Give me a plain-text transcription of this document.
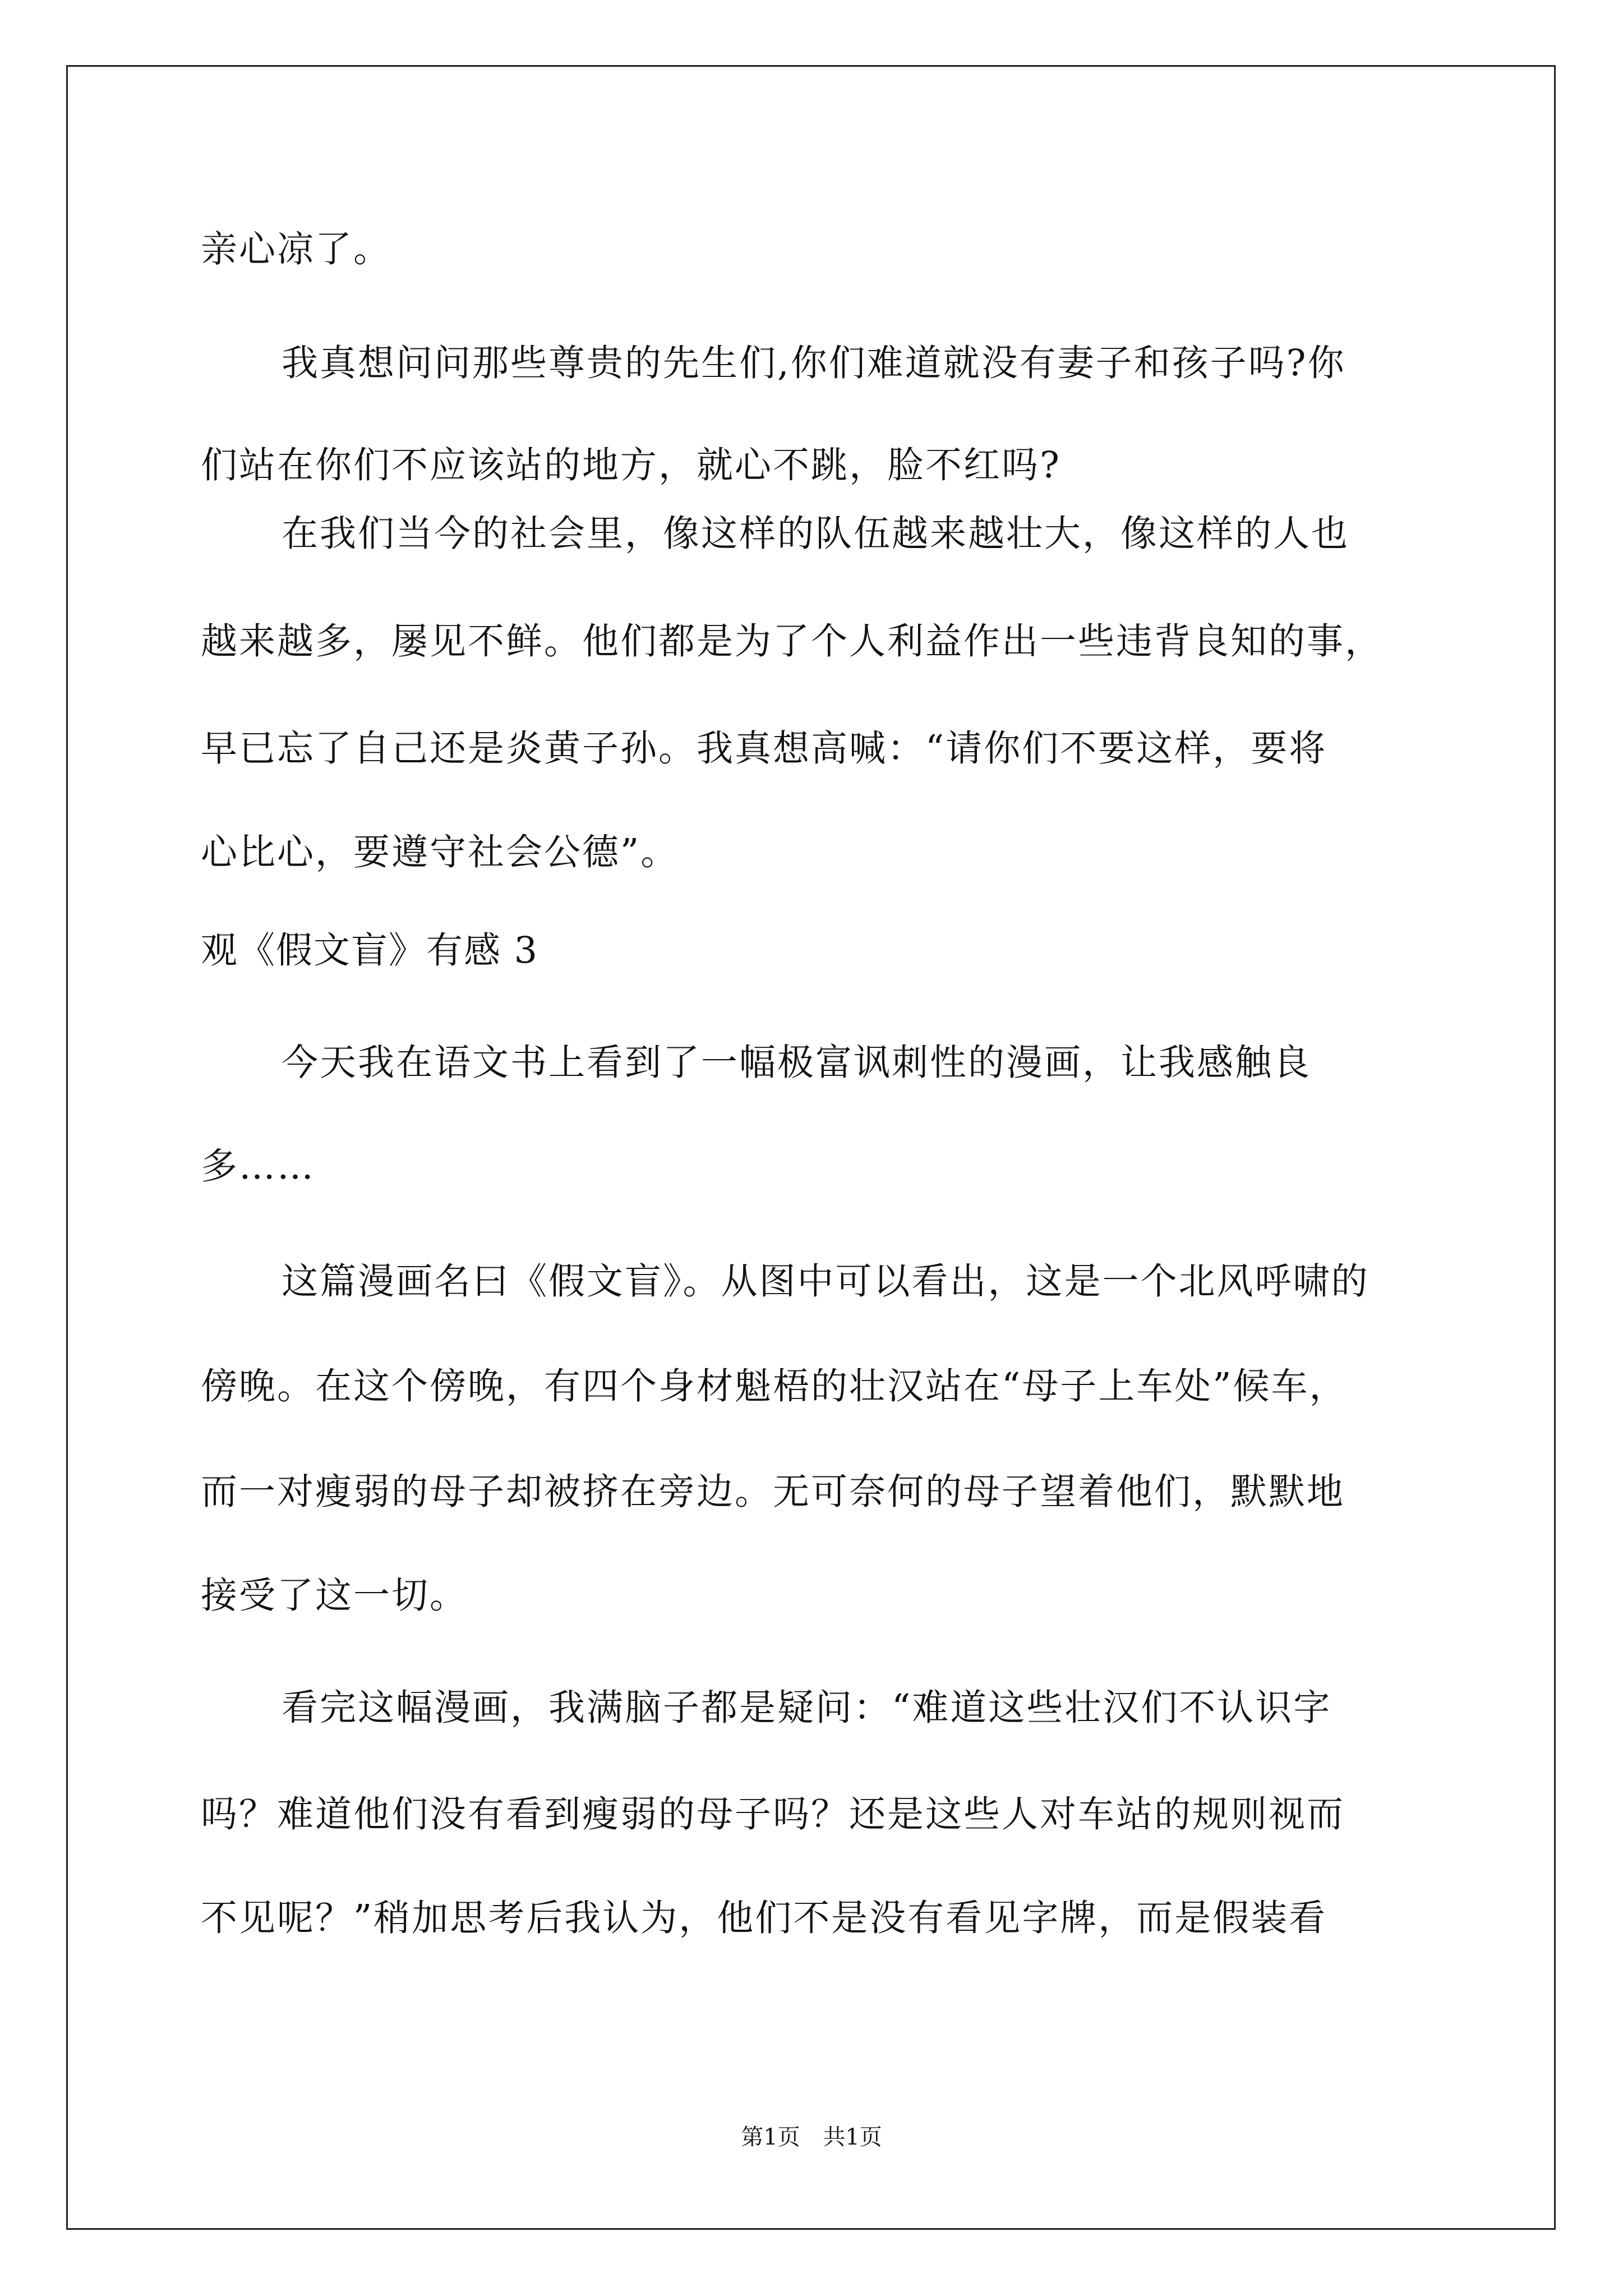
亲心凉了。
我真想问问那些尊贵的先生们,你们难道就没有妻子和孩子吗?你
们站在你们不应该站的地方，就心不跳，脸不红吗?
在我们当今的社会里，像这样的队伍越来越壮大，像这样的人也
越来越多，屡见不鲜。他们都是为了个人利益作出一些违背良知的事，
早已忘了自己还是炎黄子孙。我真想高喊：“请你们不要这样，要将
心比心，要遵守社会公德”。
观《假文盲》有感 3
今天我在语文书上看到了一幅极富讽刺性的漫画，让我感触良
多……
这篇漫画名曰《假文盲》。从图中可以看出，这是一个北风呼啸的
傍晚。在这个傍晚，有四个身材魁梧的壮汉站在“母子上车处”候车，
而一对瘦弱的母子却被挤在旁边。无可奈何的母子望着他们，默默地
接受了这一切。
看完这幅漫画，我满脑子都是疑问：“难道这些壮汉们不认识字
吗？难道他们没有看到瘦弱的母子吗？还是这些人对车站的规则视而
不见呢？”稍加思考后我认为，他们不是没有看见字牌，而是假装看
第1页 共1页
